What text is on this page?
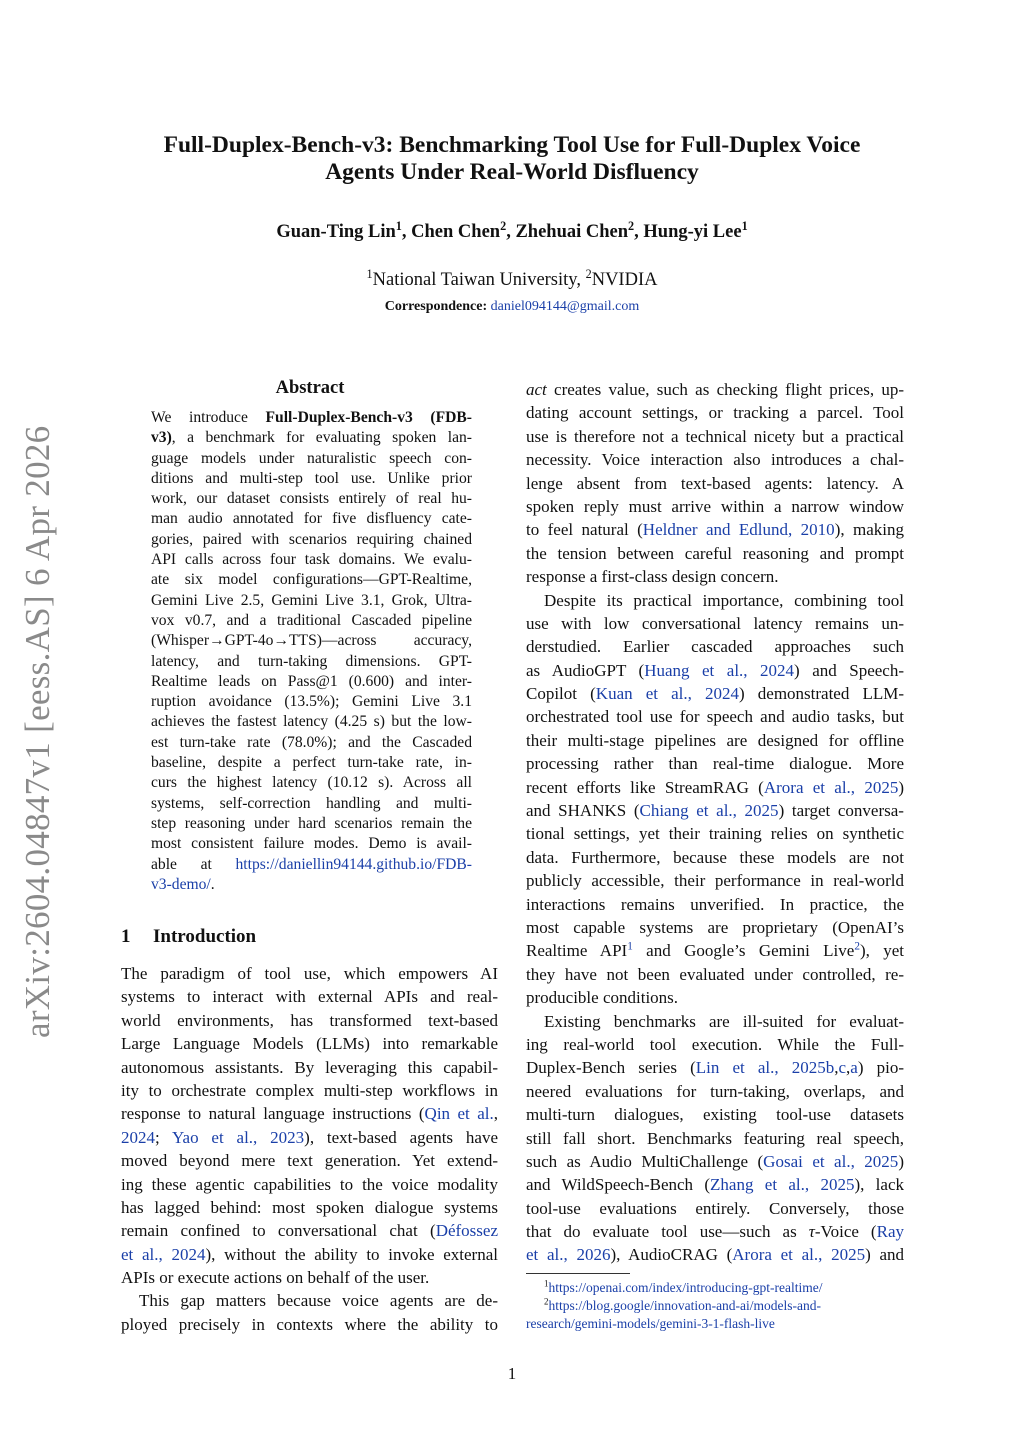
arXiv:2604.04847v1 [eess.AS] 6 Apr 2026
Full-Duplex-Bench-v3: Benchmarking Tool Use for Full-Duplex Voice
Agents Under Real-World Disfluency
Guan-Ting Lin$^1$, Chen Chen$^2$, Zhehuai Chen$^2$, Hung-yi Lee$^1$
$^1$National Taiwan University, $^2$NVIDIA
Correspondence: daniel094144@gmail.com
Abstract
We introduce Full-Duplex-Bench-v3 (FDB-
v3), a benchmark for evaluating spoken lan-
guage models under naturalistic speech con-
ditions and multi-step tool use. Unlike prior
work, our dataset consists entirely of real hu-
man audio annotated for five disfluency cate-
gories, paired with scenarios requiring chained
API calls across four task domains. We evalu-
ate six model configurations—GPT-Realtime,
Gemini Live 2.5, Gemini Live 3.1, Grok, Ultra-
vox v0.7, and a traditional Cascaded pipeline
(Whisper→GPT-4o→TTS)—across accuracy,
latency, and turn-taking dimensions. GPT-
Realtime leads on Pass@1 (0.600) and inter-
ruption avoidance (13.5%); Gemini Live 3.1
achieves the fastest latency (4.25 s) but the low-
est turn-take rate (78.0%); and the Cascaded
baseline, despite a perfect turn-take rate, in-
curs the highest latency (10.12 s). Across all
systems, self-correction handling and multi-
step reasoning under hard scenarios remain the
most consistent failure modes. Demo is avail-
able at https://daniellin94144.github.io/FDB-
v3-demo/.
1 Introduction
The paradigm of tool use, which empowers AI
systems to interact with external APIs and real-
world environments, has transformed text-based
Large Language Models (LLMs) into remarkable
autonomous assistants. By leveraging this capabil-
ity to orchestrate complex multi-step workflows in
response to natural language instructions (Qin et al.,
2024; Yao et al., 2023), text-based agents have
moved beyond mere text generation. Yet extend-
ing these agentic capabilities to the voice modality
has lagged behind: most spoken dialogue systems
remain confined to conversational chat (Défossez
et al., 2024), without the ability to invoke external
APIs or execute actions on behalf of the user.
This gap matters because voice agents are de-
ployed precisely in contexts where the ability to
act creates value, such as checking flight prices, up-
dating account settings, or tracking a parcel. Tool
use is therefore not a technical nicety but a practical
necessity. Voice interaction also introduces a chal-
lenge absent from text-based agents: latency. A
spoken reply must arrive within a narrow window
to feel natural (Heldner and Edlund, 2010), making
the tension between careful reasoning and prompt
response a first-class design concern.
Despite its practical importance, combining tool
use with low conversational latency remains un-
derstudied. Earlier cascaded approaches such
as AudioGPT (Huang et al., 2024) and Speech-
Copilot (Kuan et al., 2024) demonstrated LLM-
orchestrated tool use for speech and audio tasks, but
their multi-stage pipelines are designed for offline
processing rather than real-time dialogue. More
recent efforts like StreamRAG (Arora et al., 2025)
and SHANKS (Chiang et al., 2025) target conversa-
tional settings, yet their training relies on synthetic
data. Furthermore, because these models are not
publicly accessible, their performance in real-world
interactions remains unverified. In practice, the
most capable systems are proprietary (OpenAI’s
Realtime API$^1$ and Google’s Gemini Live$^2$), yet
they have not been evaluated under controlled, re-
producible conditions.
Existing benchmarks are ill-suited for evaluat-
ing real-world tool execution. While the Full-
Duplex-Bench series (Lin et al., 2025b,c,a) pio-
neered evaluations for turn-taking, overlaps, and
multi-turn dialogues, existing tool-use datasets
still fall short. Benchmarks featuring real speech,
such as Audio MultiChallenge (Gosai et al., 2025)
and WildSpeech-Bench (Zhang et al., 2025), lack
tool-use evaluations entirely. Conversely, those
that do evaluate tool use—such as τ-Voice (Ray
et al., 2026), AudioCRAG (Arora et al., 2025) and
$^1$https://openai.com/index/introducing-gpt-realtime/
$^2$https://blog.google/innovation-and-ai/models-and-
research/gemini-models/gemini-3-1-flash-live
1
